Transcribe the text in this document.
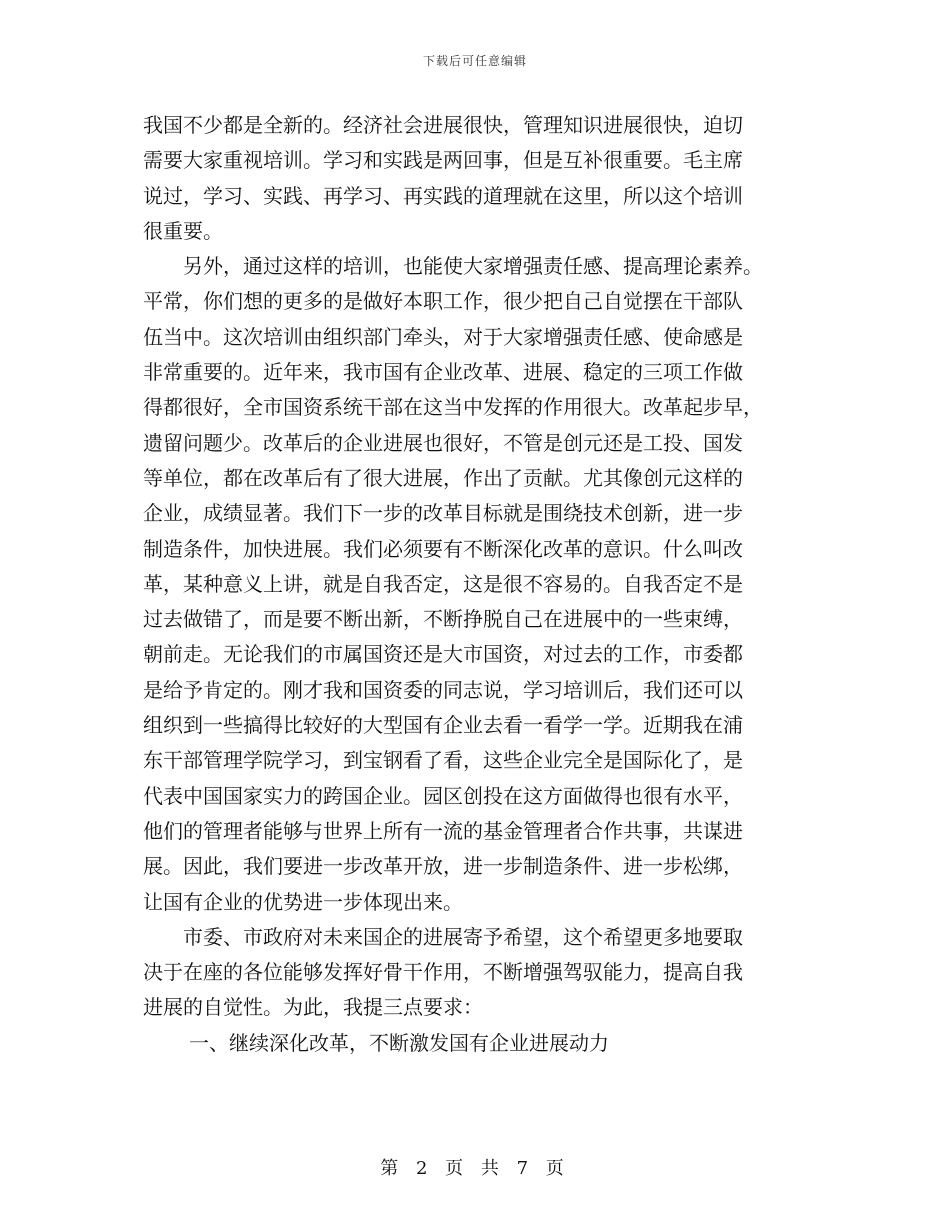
下载后可任意编辑
我国不少都是全新的。经济社会进展很快，管理知识进展很快，迫切
需要大家重视培训。学习和实践是两回事，但是互补很重要。毛主席
说过，学习、实践、再学习、再实践的道理就在这里，所以这个培训
很重要。
另外，通过这样的培训，也能使大家增强责任感、提高理论素养。
平常，你们想的更多的是做好本职工作，很少把自己自觉摆在干部队
伍当中。这次培训由组织部门牵头，对于大家增强责任感、使命感是
非常重要的。近年来，我市国有企业改革、进展、稳定的三项工作做
得都很好，全市国资系统干部在这当中发挥的作用很大。改革起步早，
遗留问题少。改革后的企业进展也很好，不管是创元还是工投、国发
等单位，都在改革后有了很大进展，作出了贡献。尤其像创元这样的
企业，成绩显著。我们下一步的改革目标就是围绕技术创新，进一步
制造条件，加快进展。我们必须要有不断深化改革的意识。什么叫改
革，某种意义上讲，就是自我否定，这是很不容易的。自我否定不是
过去做错了，而是要不断出新，不断挣脱自己在进展中的一些束缚，
朝前走。无论我们的市属国资还是大市国资，对过去的工作，市委都
是给予肯定的。刚才我和国资委的同志说，学习培训后，我们还可以
组织到一些搞得比较好的大型国有企业去看一看学一学。近期我在浦
东干部管理学院学习，到宝钢看了看，这些企业完全是国际化了，是
代表中国国家实力的跨国企业。园区创投在这方面做得也很有水平，
他们的管理者能够与世界上所有一流的基金管理者合作共事，共谋进
展。因此，我们要进一步改革开放，进一步制造条件、进一步松绑，
让国有企业的优势进一步体现出来。
市委、市政府对未来国企的进展寄予希望，这个希望更多地要取
决于在座的各位能够发挥好骨干作用，不断增强驾驭能力，提高自我
进展的自觉性。为此，我提三点要求：
一、继续深化改革，不断激发国有企业进展动力
第 2 页 共 7 页
